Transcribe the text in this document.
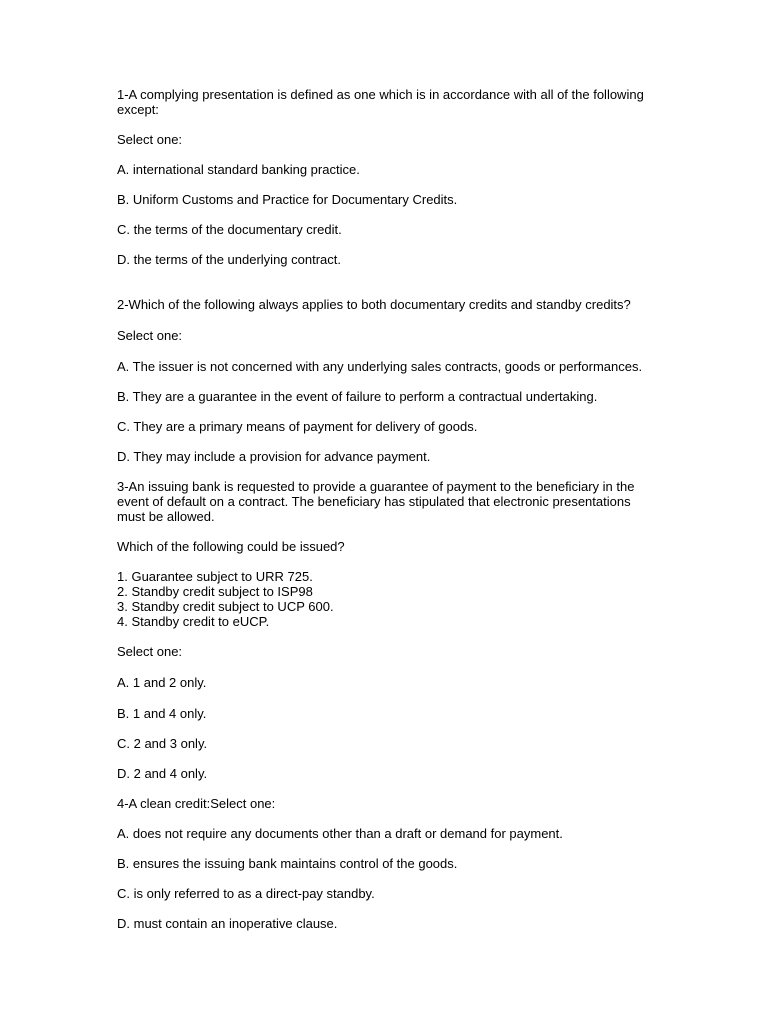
1-A complying presentation is defined as one which is in accordance with all of the following except:

Select one:

A. international standard banking practice.

B. Uniform Customs and Practice for Documentary Credits.

C. the terms of the documentary credit.

D. the terms of the underlying contract.

2-Which of the following always applies to both documentary credits and standby credits?

Select one:

A. The issuer is not concerned with any underlying sales contracts, goods or performances.

B. They are a guarantee in the event of failure to perform a contractual undertaking.

C. They are a primary means of payment for delivery of goods.

D. They may include a provision for advance payment.

3-An issuing bank is requested to provide a guarantee of payment to the beneficiary in the event of default on a contract. The beneficiary has stipulated that electronic presentations must be allowed.

Which of the following could be issued?

1. Guarantee subject to URR 725.

2. Standby credit subject to ISP98

3. Standby credit subject to UCP 600.

4. Standby credit to eUCP.

Select one:

A. 1 and 2 only.

B. 1 and 4 only.

C. 2 and 3 only.

D. 2 and 4 only.

4-A clean credit:Select one:

A. does not require any documents other than a draft or demand for payment.

B. ensures the issuing bank maintains control of the goods.

C. is only referred to as a direct-pay standby.

D. must contain an inoperative clause.
